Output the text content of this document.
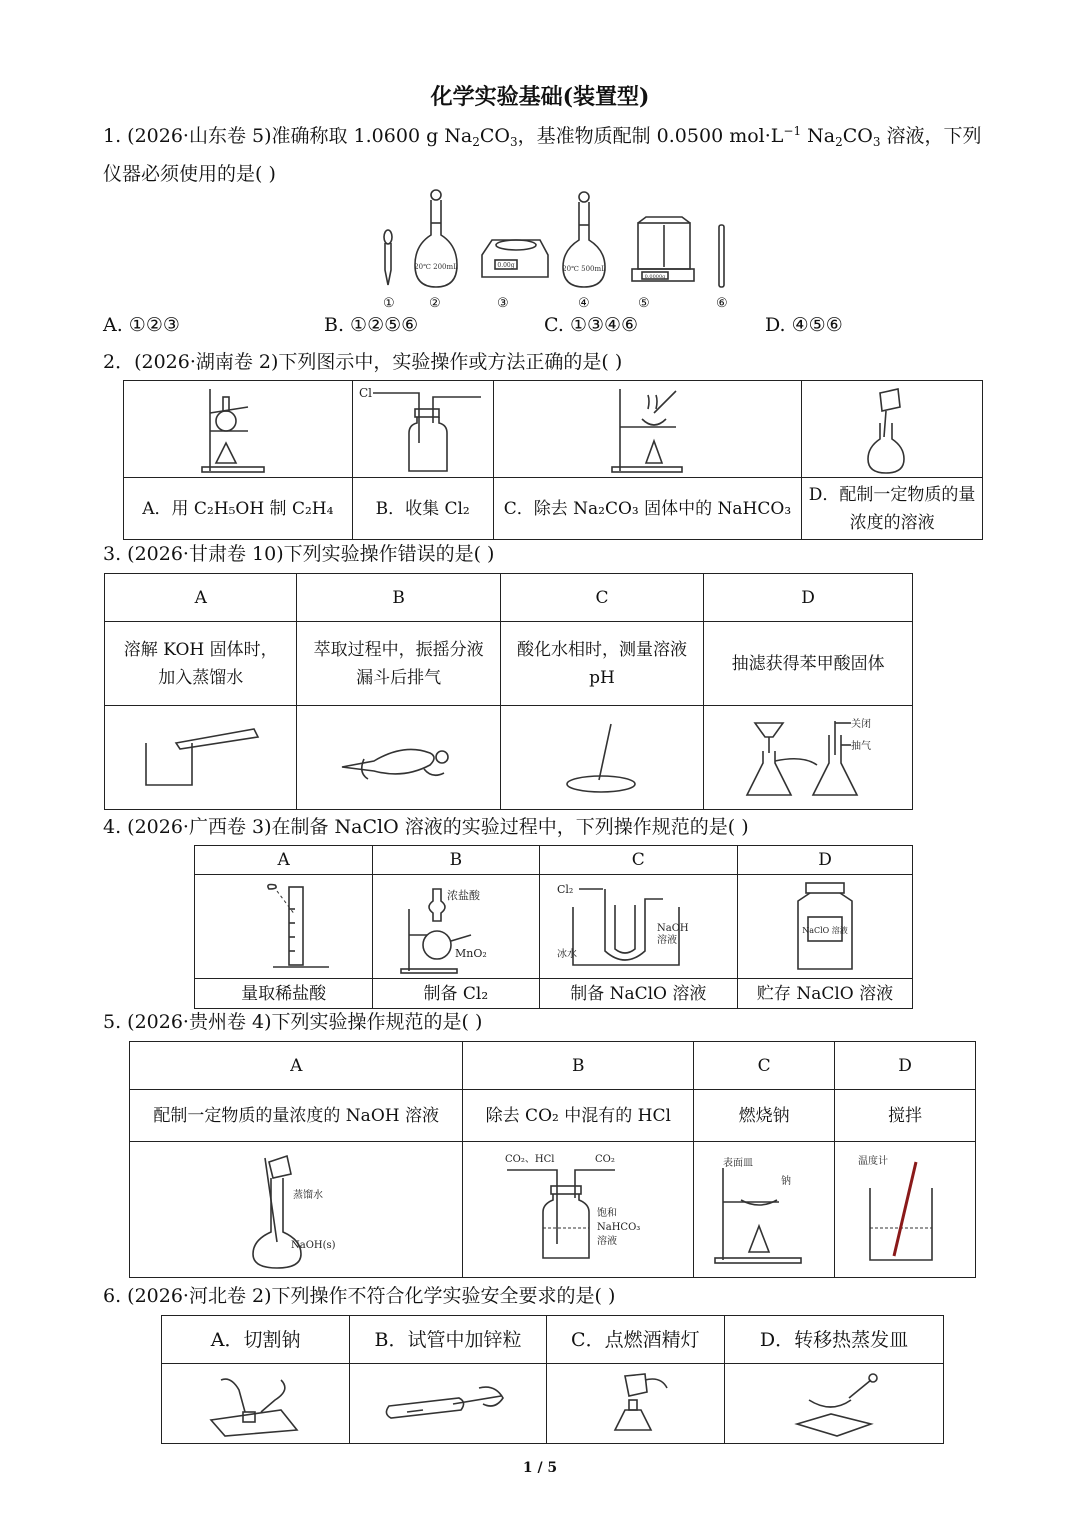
化学实验基础(装置型)
1. (2026·山东卷 5)准确称取 1.0600 g $Na_2CO_3$，基准物质配制 0.0500 $mol\cdot L^{-1}$ $Na_2CO_3$ 溶液，下列
仪器必须使用的是( )
20℃ 200mL	0.00g	20℃ 500mL
0.0000g
①	②	③	④	⑤	⑥
A. ①②③	B. ①②⑤⑥	C. ①③④⑥	D. ④⑤⑥
2．(2026·湖南卷 2)下列图示中，实验操作或方法正确的是( )

Cl

A．用 C₂H₅OH 制 C₂H₄	B．收集 Cl₂	C．除去 Na₂CO₃ 固体中的 NaHCO₃	D．配制一定物质的量浓度的溶液
3. (2026·甘肃卷 10)下列实验操作错误的是( )
A	B	C	D
溶解 KOH 固体时，加入蒸馏水	萃取过程中，振摇分液漏斗后排气	酸化水相时，测量溶液 pH	抽滤获得苯甲酸固体

关闭
抽气
4. (2026·广西卷 3)在制备 NaClO 溶液的实验过程中，下列操作规范的是( )
A	B	C	D

浓盐酸
MnO₂	Cl₂
NaOH
溶液
冰水	NaClO 溶液

量取稀盐酸	制备 Cl₂	制备 NaClO 溶液	贮存 NaClO 溶液
5. (2026·贵州卷 4)下列实验操作规范的是( )
A	B	C	D
配制一定物质的量浓度的 NaOH 溶液	除去 CO₂ 中混有的 HCl	燃烧钠	搅拌

蒸馏水
NaOH(s)	CO₂、HCl CO₂
饱和
NaHCO₃
溶液	表面皿
钠	温度计
6. (2026·河北卷 2)下列操作不符合化学实验安全要求的是( )
A．切割钠	B．试管中加锌粒	C．点燃酒精灯	D．转移热蒸发皿

1 / 5
